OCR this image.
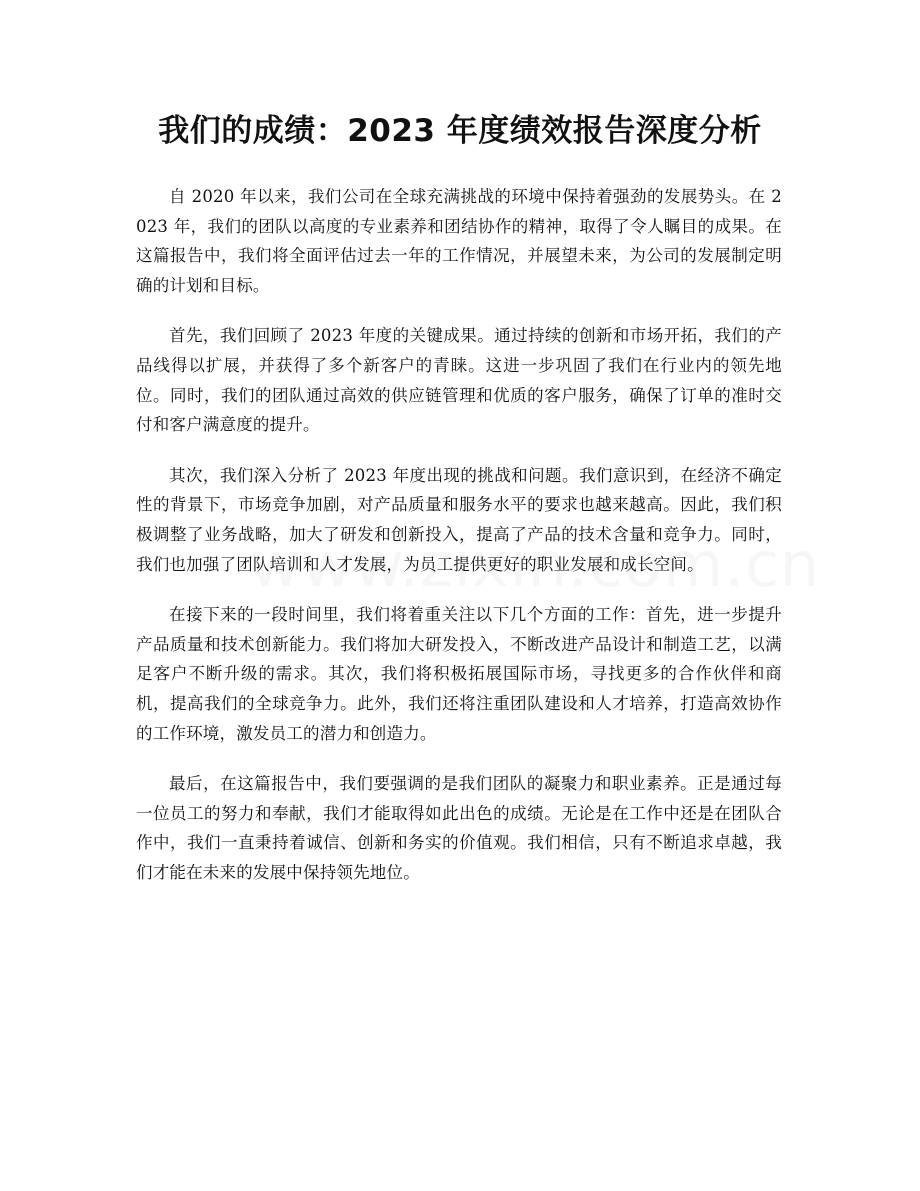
我们的成绩：2023 年度绩效报告深度分析

自 2020 年以来，我们公司在全球充满挑战的环境中保持着强劲的发展势头。在 2023 年，我们的团队以高度的专业素养和团结协作的精神，取得了令人瞩目的成果。在这篇报告中，我们将全面评估过去一年的工作情况，并展望未来，为公司的发展制定明确的计划和目标。

首先，我们回顾了 2023 年度的关键成果。通过持续的创新和市场开拓，我们的产品线得以扩展，并获得了多个新客户的青睐。这进一步巩固了我们在行业内的领先地位。同时，我们的团队通过高效的供应链管理和优质的客户服务，确保了订单的准时交付和客户满意度的提升。

其次，我们深入分析了 2023 年度出现的挑战和问题。我们意识到，在经济不确定性的背景下，市场竞争加剧，对产品质量和服务水平的要求也越来越高。因此，我们积极调整了业务战略，加大了研发和创新投入，提高了产品的技术含量和竞争力。同时，我们也加强了团队培训和人才发展，为员工提供更好的职业发展和成长空间。

在接下来的一段时间里，我们将着重关注以下几个方面的工作：首先，进一步提升产品质量和技术创新能力。我们将加大研发投入，不断改进产品设计和制造工艺，以满足客户不断升级的需求。其次，我们将积极拓展国际市场，寻找更多的合作伙伴和商机，提高我们的全球竞争力。此外，我们还将注重团队建设和人才培养，打造高效协作的工作环境，激发员工的潜力和创造力。

最后，在这篇报告中，我们要强调的是我们团队的凝聚力和职业素养。正是通过每一位员工的努力和奉献，我们才能取得如此出色的成绩。无论是在工作中还是在团队合作中，我们一直秉持着诚信、创新和务实的价值观。我们相信，只有不断追求卓越，我们才能在未来的发展中保持领先地位。
